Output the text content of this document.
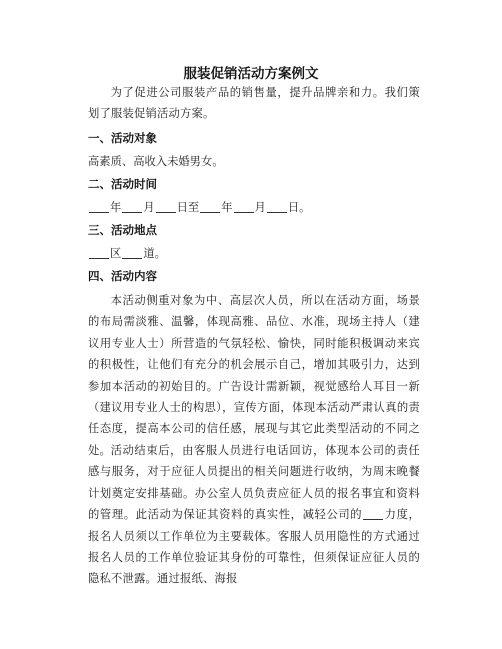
服装促销活动方案例文

为了促进公司服装产品的销售量，提升品牌亲和力。我们策划了服装促销活动方案。

一、活动对象
高素质、高收入未婚男女。
二、活动时间
年 月 日至 年 月 日。
三、活动地点
区 道。
四、活动内容

本活动侧重对象为中、高层次人员，所以在活动方面，场景的布局需淡雅、温馨，体现高雅、品位、水准，现场主持人（建议用专业人士）所营造的气氛轻松、愉快，同时能积极调动来宾的积极性，让他们有充分的机会展示自己，增加其吸引力，达到参加本活动的初始目的。广告设计需新颖，视觉感给人耳目一新（建议用专业人士的构思），宣传方面，体现本活动严肃认真的责任态度，提高本公司的信任感，展现与其它此类型活动的不同之处。 活动结束后，由客服人员进行电话回访，体现本公司的责任感与服务，对于应征人员提出的相关问题进行收纳，为周末晚餐计划奠定安排基础。办公室人员负责应征人员的报名事宜和资料的管理。此活动为保证其资料的真实性，减轻公司的 力度，报名人员须以工作单位为主要载体。客服人员用隐性的方式通过报名人员的工作单位验证其身份的可靠性，但须保证应征人员的隐私不泄露。通过报纸、海报
